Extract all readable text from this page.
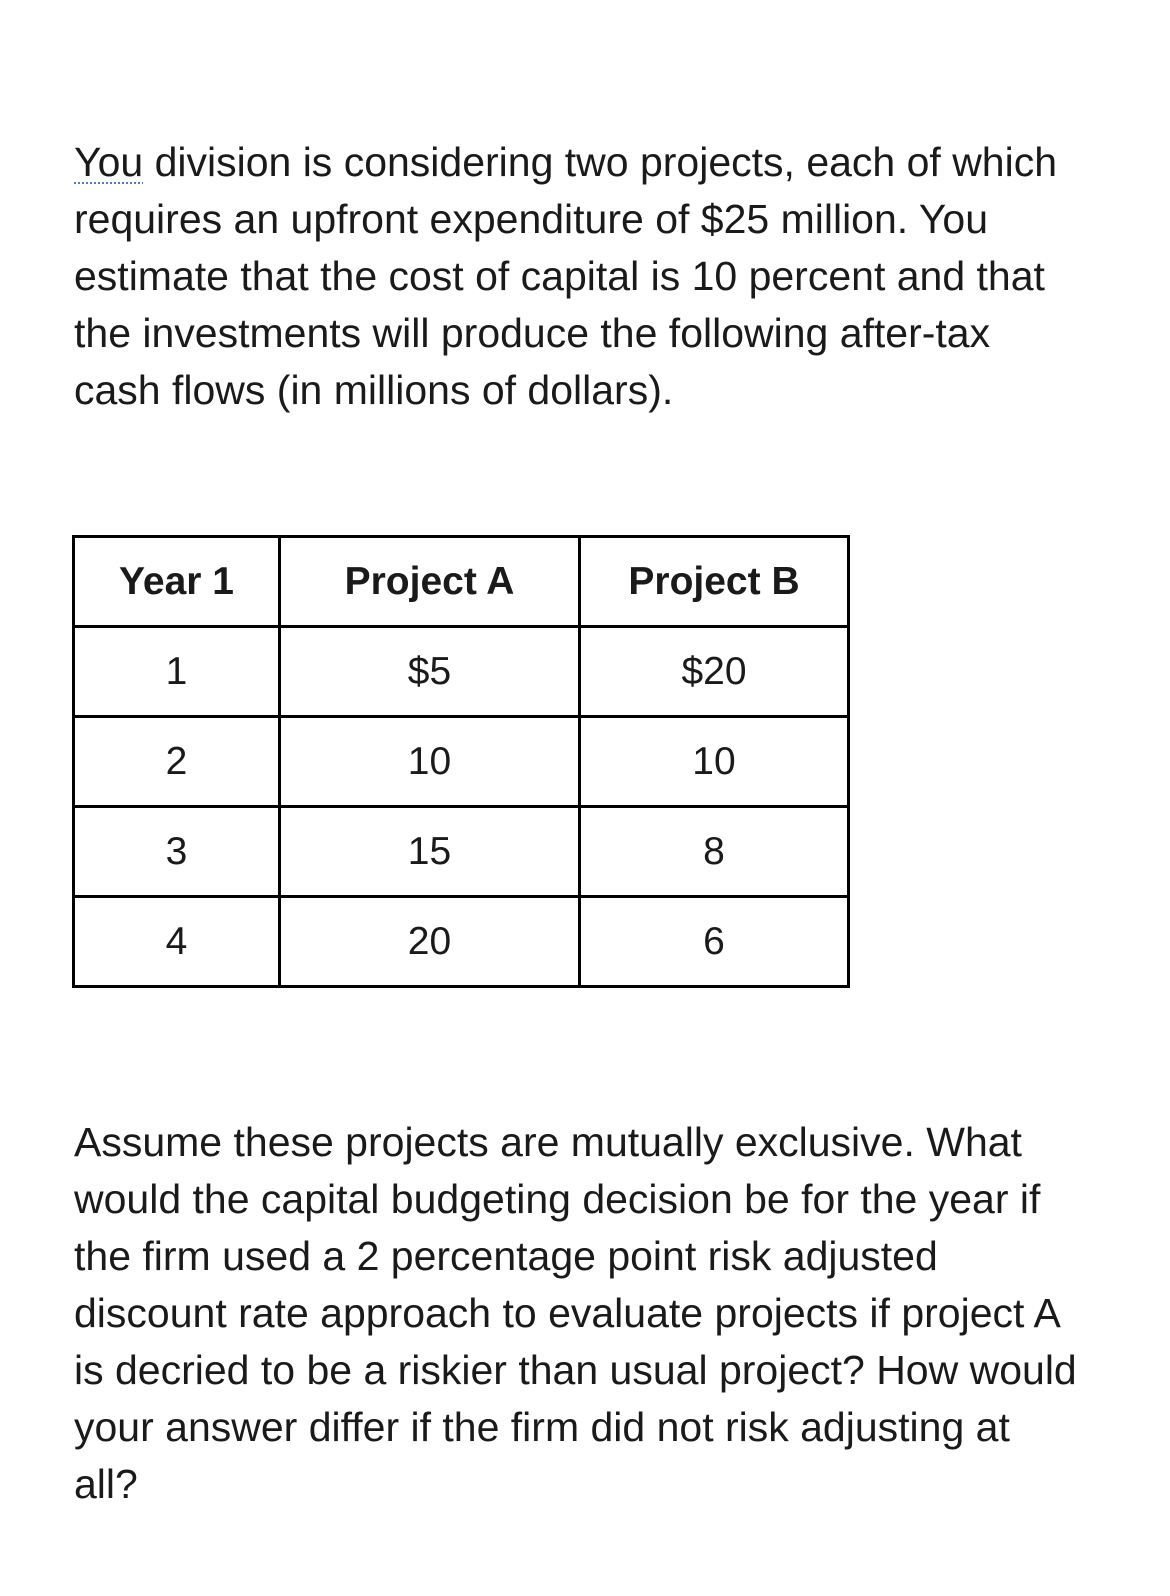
You division is considering two projects, each of which requires an upfront expenditure of $25 million. You estimate that the cost of capital is 10 percent and that the investments will produce the following after-tax cash flows (in millions of dollars).

Year 1	Project A	Project B
1	$5	$20
2	10	10
3	15	8
4	20	6

Assume these projects are mutually exclusive. What would the capital budgeting decision be for the year if the firm used a 2 percentage point risk adjusted discount rate approach to evaluate projects if project A is decried to be a riskier than usual project? How would your answer differ if the firm did not risk adjusting at all?
